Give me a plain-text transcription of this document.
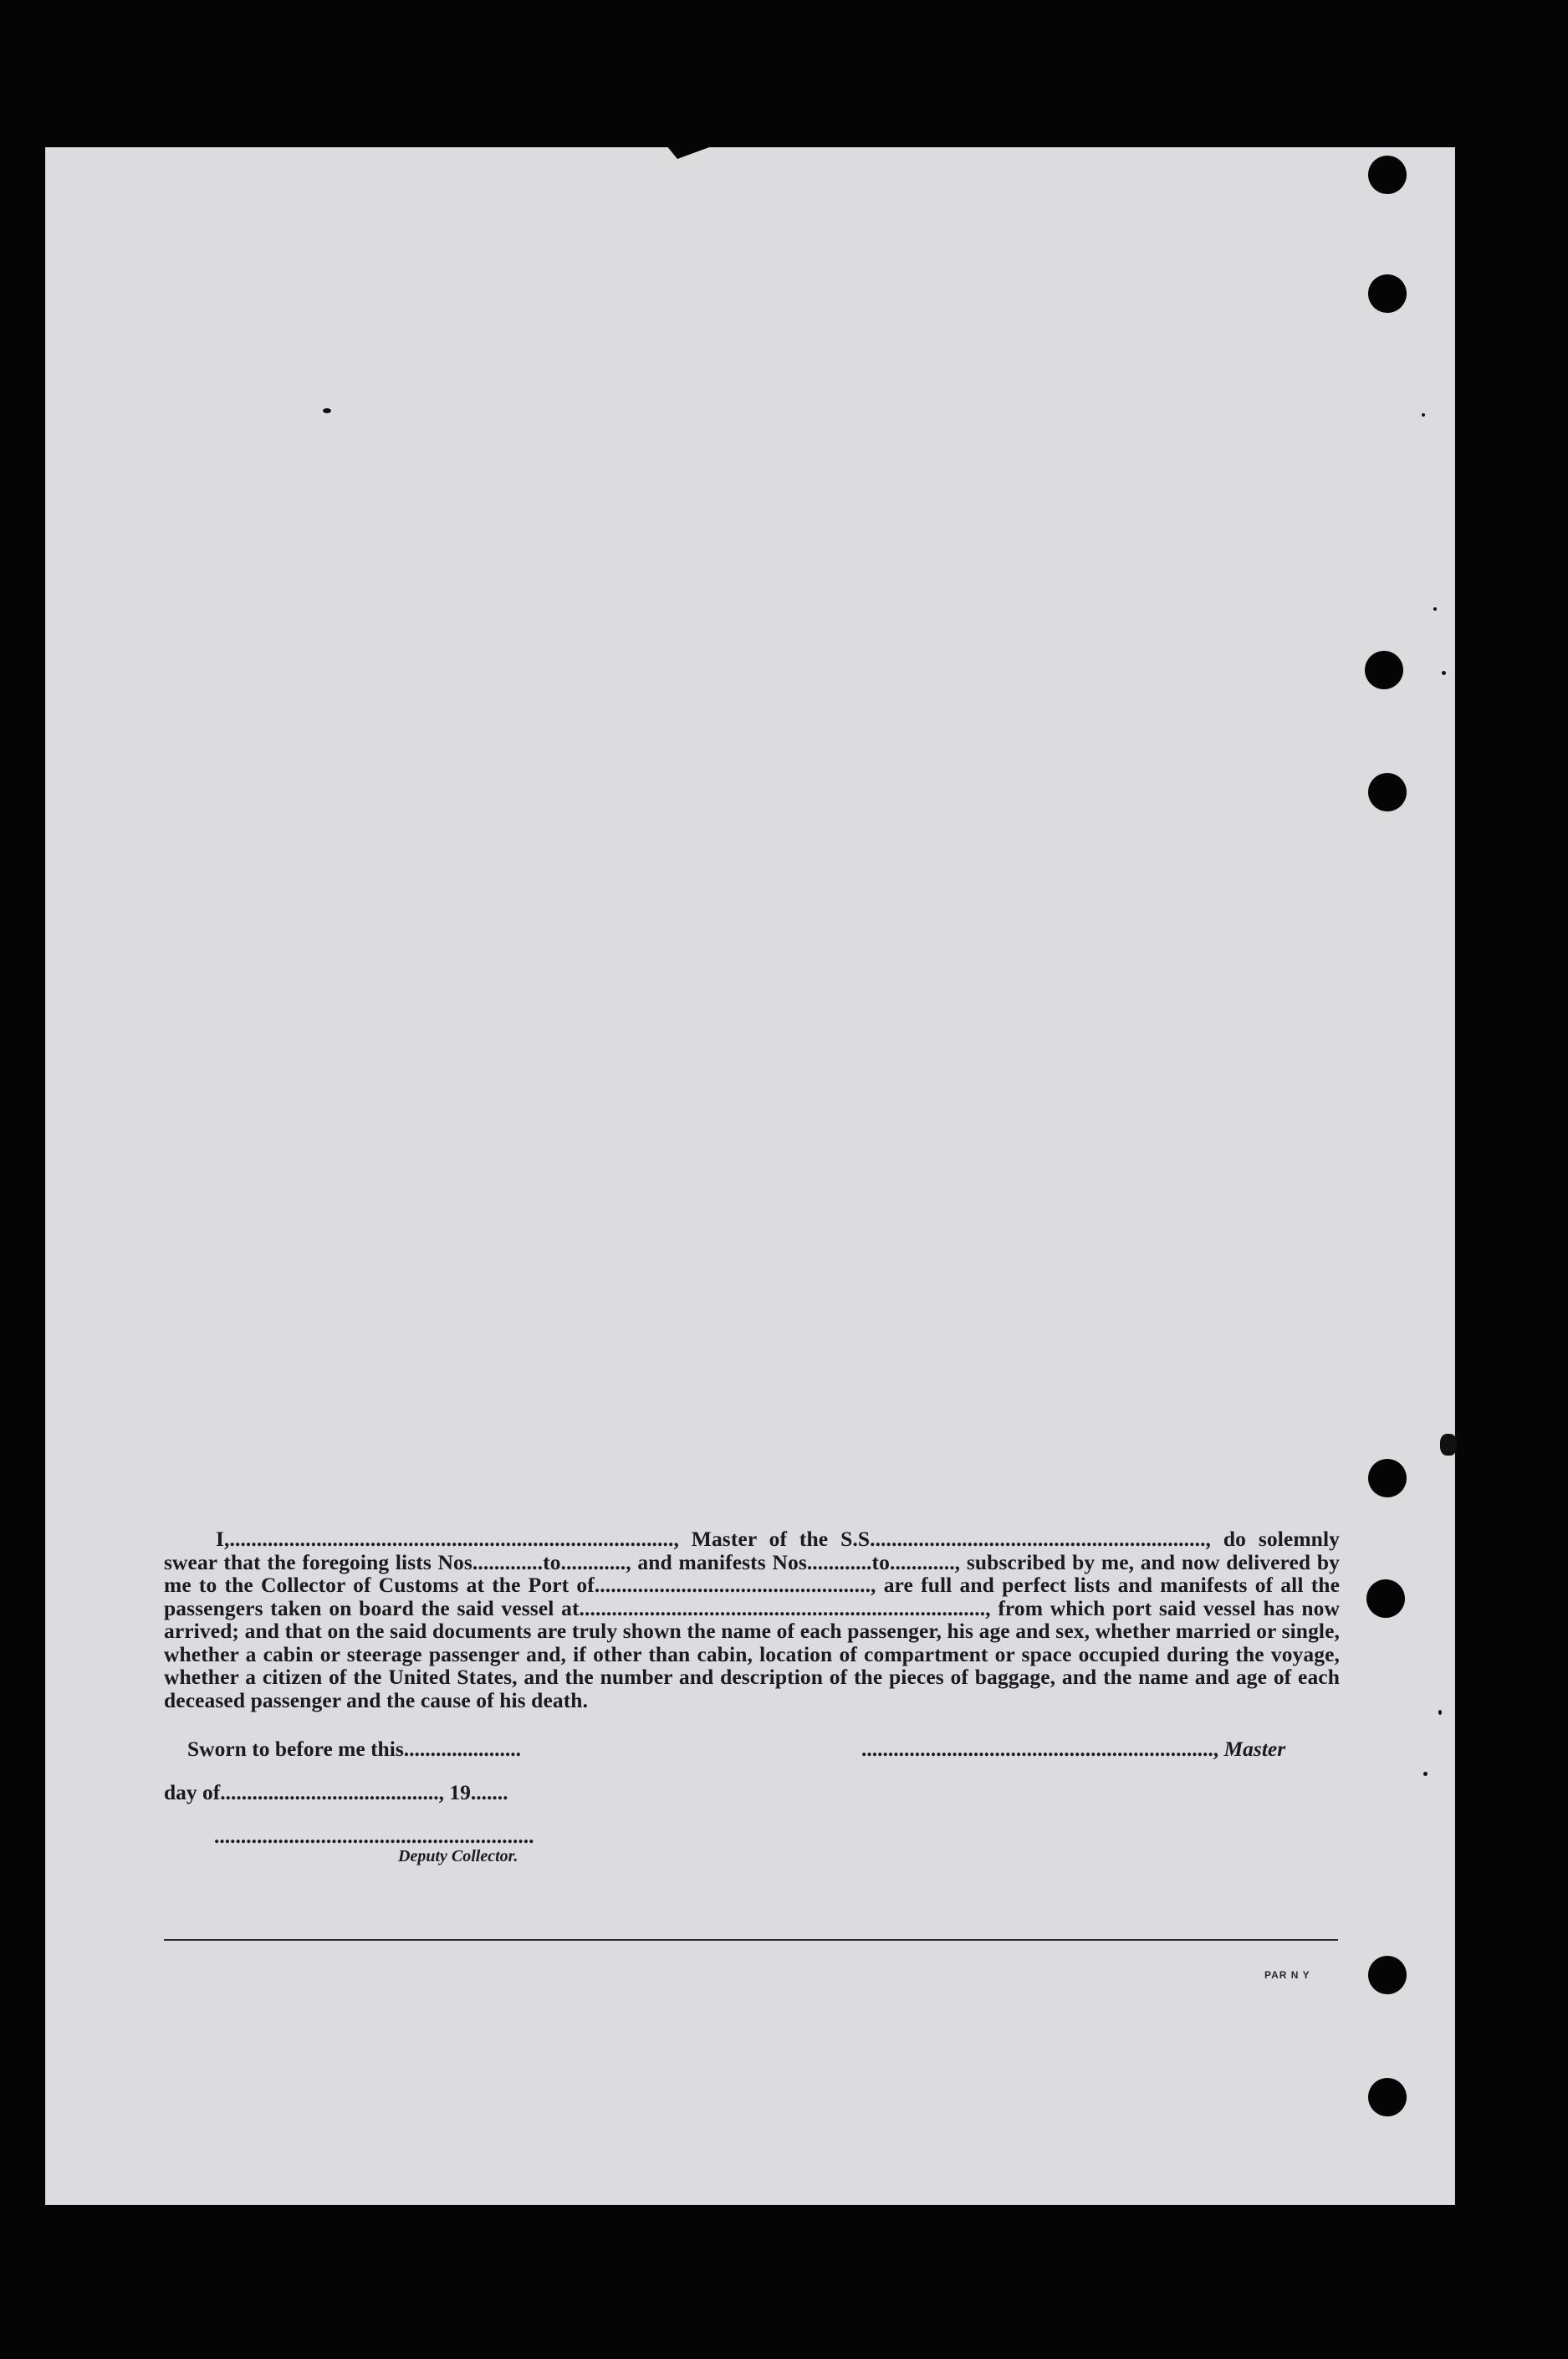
I,.................................................................................., Master of the S.S.............................................................., do solemnly swear that the foregoing lists Nos.............to............, and manifests Nos............to............, subscribed by me, and now delivered by me to the Collector of Customs at the Port of..................................................., are full and perfect lists and manifests of all the passengers taken on board the said vessel at..........................................................................., from which port said vessel has now arrived; and that on the said documents are truly shown the name of each passenger, his age and sex, whether married or single, whether a cabin or steerage passenger and, if other than cabin, location of compartment or space occupied during the voyage, whether a citizen of the United States, and the number and description of the pieces of baggage, and the name and age of each deceased passenger and the cause of his death.
Sworn to before me this......................	.................................................................., Master
day of........................................., 19.......
............................................................
Deputy Collector.
PAR N Y
